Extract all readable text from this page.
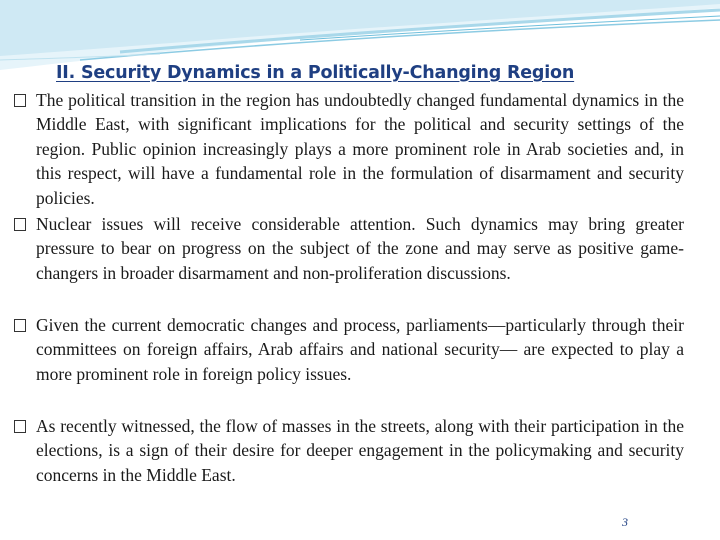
II. Security Dynamics in a Politically-Changing Region
The political transition in the region has undoubtedly changed fundamental dynamics in the Middle East, with significant implications for the political and security settings of the region. Public opinion increasingly plays a more prominent role in Arab societies and, in this respect, will have a fundamental role in the formulation of disarmament and security policies.
Nuclear issues will receive considerable attention. Such dynamics may bring greater pressure to bear on progress on the subject of the zone and may serve as positive game-changers in broader disarmament and non-proliferation discussions.
Given the current democratic changes and process, parliaments—particularly through their committees on foreign affairs, Arab affairs and national security— are expected to play a more prominent role in foreign policy issues.
As recently witnessed, the flow of masses in the streets, along with their participation in the elections, is a sign of their desire for deeper engagement in the policymaking and security concerns in the Middle East.
3
